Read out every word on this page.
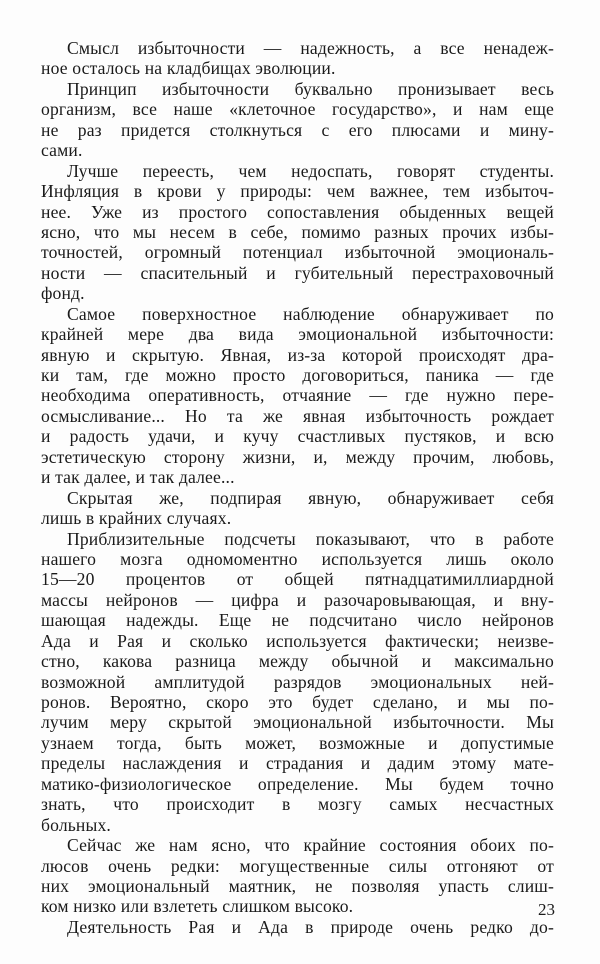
Смысл избыточности — надежность, а все ненадеж-
ное осталось на кладбищах эволюции.
Принцип избыточности буквально пронизывает весь
организм, все наше «клеточное государство», и нам еще
не раз придется столкнуться с его плюсами и мину-
сами.
Лучше переесть, чем недоспать, говорят студенты.
Инфляция в крови у природы: чем важнее, тем избыточ-
нее. Уже из простого сопоставления обыденных вещей
ясно, что мы несем в себе, помимо разных прочих избы-
точностей, огромный потенциал избыточной эмоциональ-
ности — спасительный и губительный перестраховочный
фонд.
Самое поверхностное наблюдение обнаруживает по
крайней мере два вида эмоциональной избыточности:
явную и скрытую. Явная, из-за которой происходят дра-
ки там, где можно просто договориться, паника — где
необходима оперативность, отчаяние — где нужно пере-
осмысливание... Но та же явная избыточность рождает
и радость удачи, и кучу счастливых пустяков, и всю
эстетическую сторону жизни, и, между прочим, любовь,
и так далее, и так далее...
Скрытая же, подпирая явную, обнаруживает себя
лишь в крайних случаях.
Приблизительные подсчеты показывают, что в работе
нашего мозга одномоментно используется лишь около
15—20 процентов от общей пятнадцатимиллиардной
массы нейронов — цифра и разочаровывающая, и вну-
шающая надежды. Еще не подсчитано число нейронов
Ада и Рая и сколько используется фактически; неизве-
стно, какова разница между обычной и максимально
возможной амплитудой разрядов эмоциональных ней-
ронов. Вероятно, скоро это будет сделано, и мы по-
лучим меру скрытой эмоциональной избыточности. Мы
узнаем тогда, быть может, возможные и допустимые
пределы наслаждения и страдания и дадим этому мате-
матико-физиологическое определение. Мы будем точно
знать, что происходит в мозгу самых несчастных
больных.
Сейчас же нам ясно, что крайние состояния обоих по-
люсов очень редки: могущественные силы отгоняют от
них эмоциональный маятник, не позволяя упасть слиш-
ком низко или взлететь слишком высоко.
Деятельность Рая и Ада в природе очень редко до-
23
